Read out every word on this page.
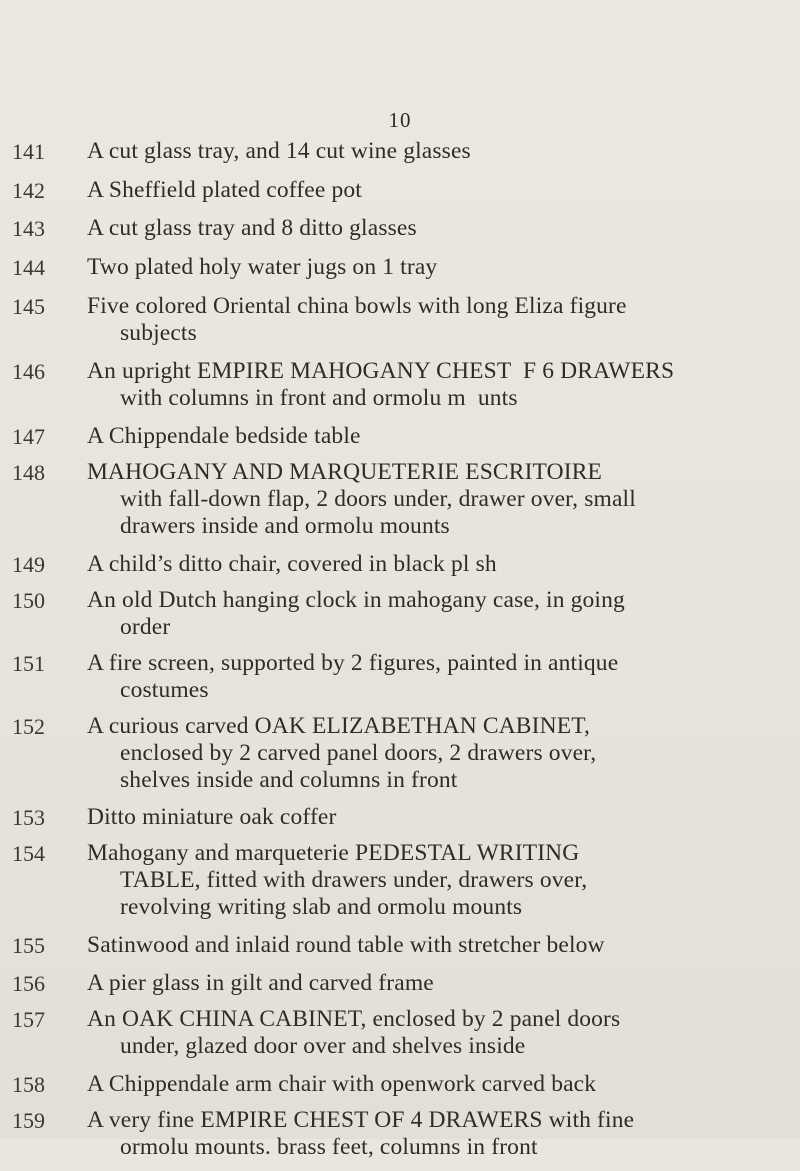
10
141	A cut glass tray, and 14 cut wine glasses
142	A Sheffield plated coffee pot
143	A cut glass tray and 8 ditto glasses
144	Two plated holy water jugs on 1 tray
145	Five colored Oriental china bowls with long Eliza figure
subjects
146	An upright EMPIRE MAHOGANY CHEST  F 6 DRAWERS
with columns in front and ormolu m  unts
147	A Chippendale bedside table
148	MAHOGANY AND MARQUETERIE ESCRITOIRE
with fall-down flap, 2 doors under, drawer over, small
drawers inside and ormolu mounts
149	A child’s ditto chair, covered in black pl sh
150	An old Dutch hanging clock in mahogany case, in going
order
151	A fire screen, supported by 2 figures, painted in antique
costumes
152	A curious carved OAK ELIZABETHAN CABINET,
enclosed by 2 carved panel doors, 2 drawers over,
shelves inside and columns in front
153	Ditto miniature oak coffer
154	Mahogany and marqueterie PEDESTAL WRITING
TABLE, fitted with drawers under, drawers over,
revolving writing slab and ormolu mounts
155	Satinwood and inlaid round table with stretcher below
156	A pier glass in gilt and carved frame
157	An OAK CHINA CABINET, enclosed by 2 panel doors
under, glazed door over and shelves inside
158	A Chippendale arm chair with openwork carved back
159	A very fine EMPIRE CHEST OF 4 DRAWERS with fine
ormolu mounts. brass feet, columns in front
